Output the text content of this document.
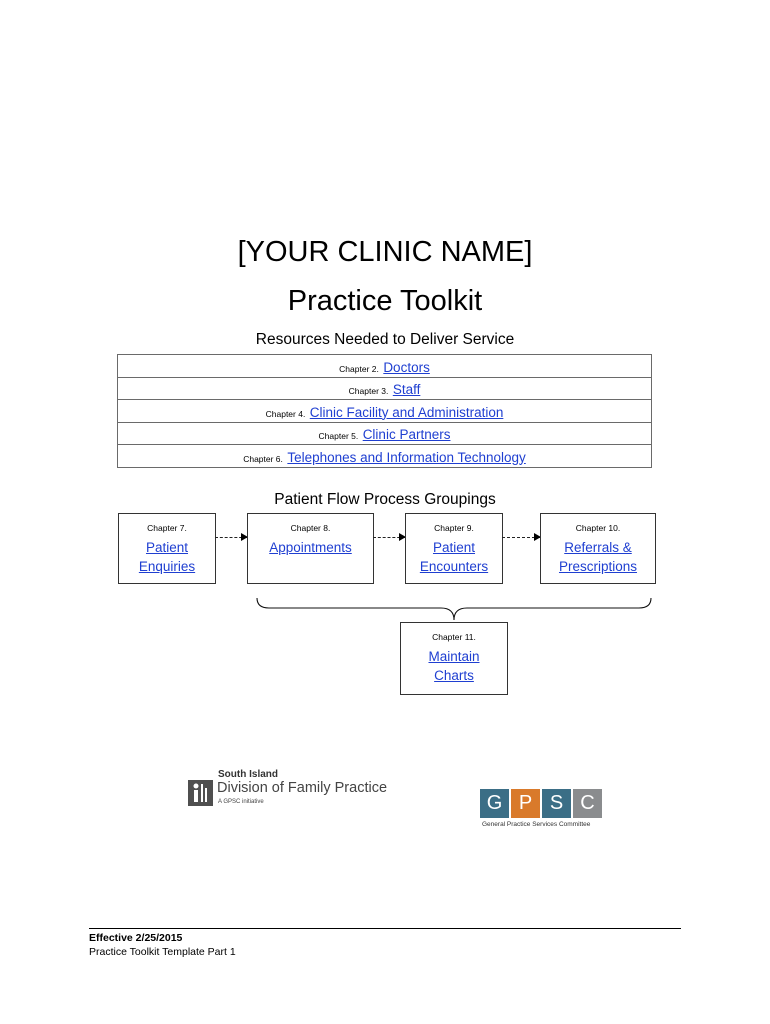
[YOUR CLINIC NAME]
Practice Toolkit
Resources Needed to Deliver Service
Chapter 2. Doctors
Chapter 3. Staff
Chapter 4. Clinic Facility and Administration
Chapter 5. Clinic Partners
Chapter 6. Telephones and Information Technology
Patient Flow Process Groupings
Chapter 7.
Patient
Enquiries
Chapter 8.
Appointments
Chapter 9.
Patient
Encounters
Chapter 10.
Referrals &
Prescriptions
Chapter 11.
Maintain
Charts
South Island
Division of Family Practice
A GPSC initiative	G P S C
General Practice Services Committee
Effective 2/25/2015
Practice Toolkit Template Part 1
